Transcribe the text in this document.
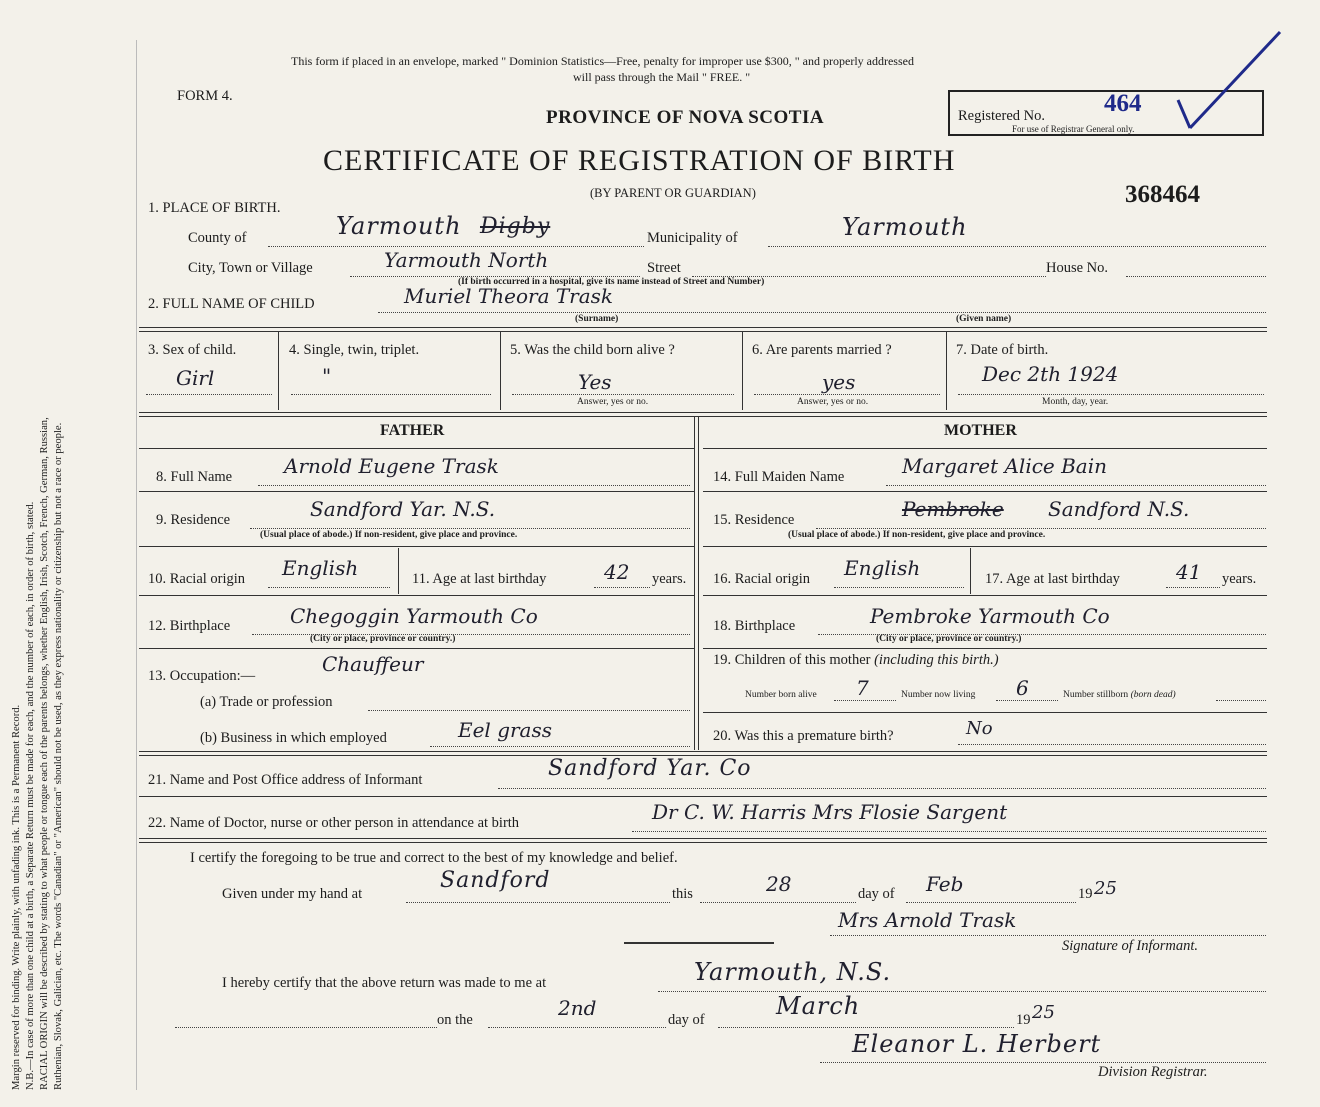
Margin reserved for binding. Write plainly, with unfading ink. This is a Permanent Record. N.B.—In case of more than one child at a birth, a Separate Return must be made for each, and the number of each, in order of birth, stated. RACIAL ORIGIN will be described by stating to what people or tongue each of the parents belongs, whether English, Irish, Scotch, French, German, Russian, Ruthenian, Slovak, Galician, etc. The words "Canadian" or "American" should not be used, as they express nationality or citizenship but not a race or people.
This form if placed in an envelope, marked " Dominion Statistics—Free, penalty for improper use $300, " and properly addressed
will pass through the Mail " FREE. "
FORM 4.
PROVINCE OF NOVA SCOTIA	Registered No. 464
For use of Registrar General only.
CERTIFICATE OF REGISTRATION OF BIRTH
(BY PARENT OR GUARDIAN)	368464
1. PLACE OF BIRTH.
County of	Yarmouth Digby	Municipality of	Yarmouth
City, Town or Village	Yarmouth North	Street	House No.
(If birth occurred in a hospital, give its name instead of Street and Number)
2. FULL NAME OF CHILD	Muriel Theora Trask
(Surname)	(Given name)
3. Sex of child.
Girl
4. Single, twin, triplet.
"
5. Was the child born alive ?
Yes
Answer, yes or no.
6. Are parents married ?
yes
Answer, yes or no.
7. Date of birth.
Dec 2th 1924
Month, day, year.
FATHER	MOTHER
8. Full Name	Arnold Eugene Trask
9. Residence	Sandford Yar. N.S.
(Usual place of abode.) If non-resident, give place and province.
10. Racial origin English	11. Age at last birthday	42 years.
12. Birthplace	Chegoggin Yarmouth Co
(City or place, province or country.)
13. Occupation:—	Chauffeur
(a) Trade or profession
(b) Business in which employed	Eel grass
14. Full Maiden Name	Margaret Alice Bain
15. Residence	Pembroke Sandford N.S.
(Usual place of abode.) If non-resident, give place and province.
16. Racial origin English	17. Age at last birthday	41 years.
18. Birthplace	Pembroke Yarmouth Co
(City or place, province or country.)
19. Children of this mother (including this birth.)
Number born alive 7	Number now living 6	Number stillborn (born dead)
20. Was this a premature birth?	No
21. Name and Post Office address of Informant	Sandford Yar. Co
22. Name of Doctor, nurse or other person in attendance at birth	Dr C. W. Harris Mrs Flosie Sargent
I certify the foregoing to be true and correct to the best of my knowledge and belief.
Given under my hand at
Sandford
this	28	day of Feb	19 25
Mrs Arnold Trask
Signature of Informant.
I hereby certify that the above return was made to me at	Yarmouth, N.S.
on the	2nd	day of	March	19 25
Eleanor L. Herbert
Division Registrar.
